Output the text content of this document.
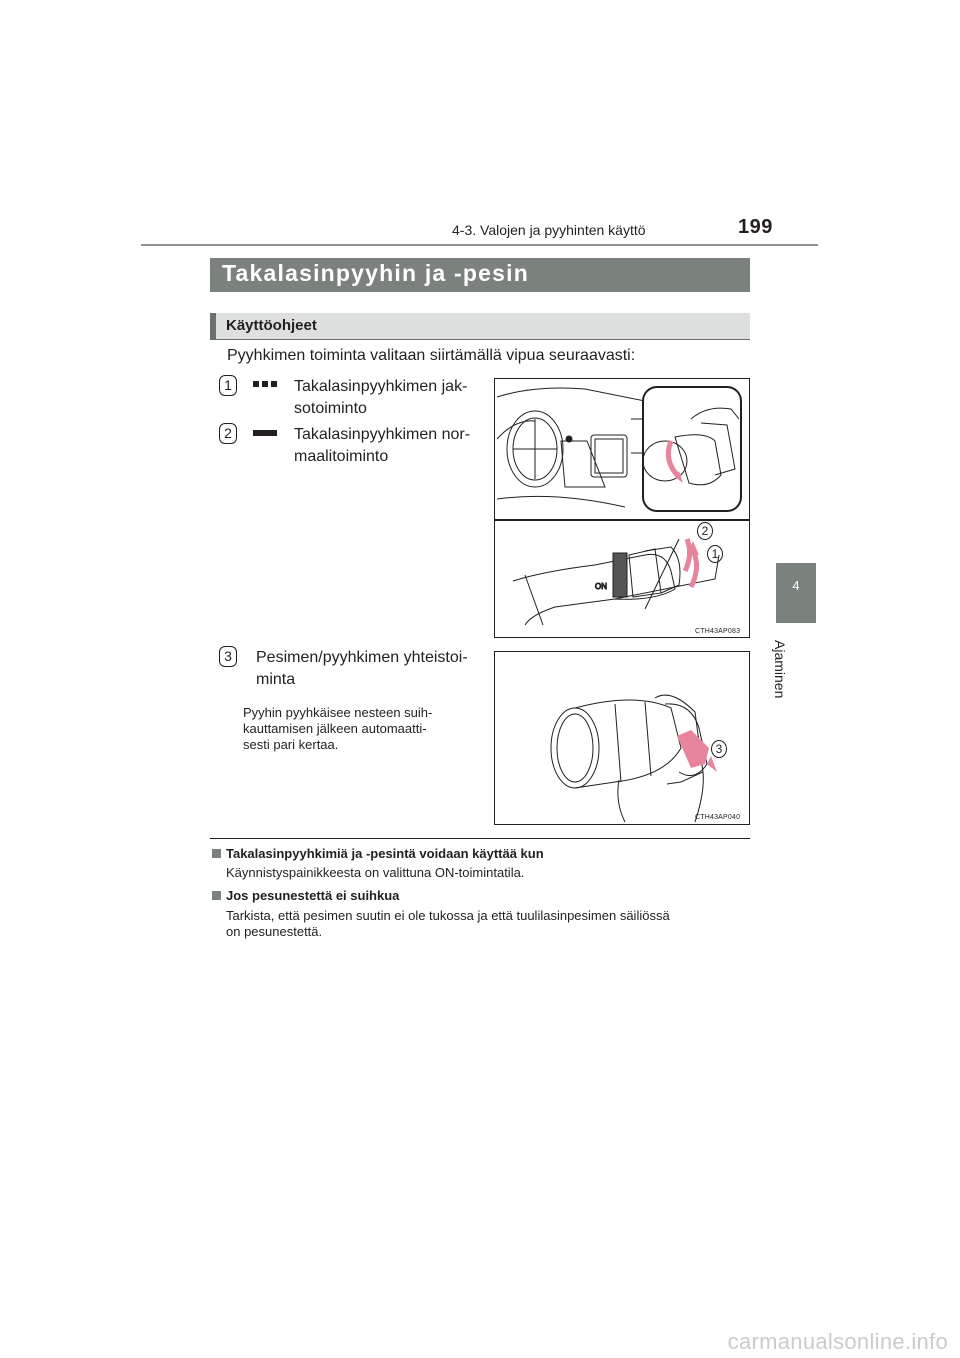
4-3. Valojen ja pyyhinten käyttö	199
4
Ajaminen
Takalasinpyyhin ja -pesin
Käyttöohjeet
Pyyhkimen toiminta valitaan siirtämällä vipua seuraavasti:
1	Takalasinpyyhkimen jak-
sotoiminto
2	Takalasinpyyhkimen nor-
maalitoiminto
ON
2
1
CTH43AP083
3	Pesimen/pyyhkimen yhteistoi-
minta
Pyyhin pyyhkäisee nesteen suih-
kauttamisen jälkeen automaatti-
sesti pari kertaa.	3
CTH43AP040
Takalasinpyyhkimiä ja -pesintä voidaan käyttää kun
Käynnistyspainikkeesta on valittuna ON-toimintatila.
Jos pesunestettä ei suihkua
Tarkista, että pesimen suutin ei ole tukossa ja että tuulilasinpesimen säiliössä
on pesunestettä.
carmanualsonline.info
